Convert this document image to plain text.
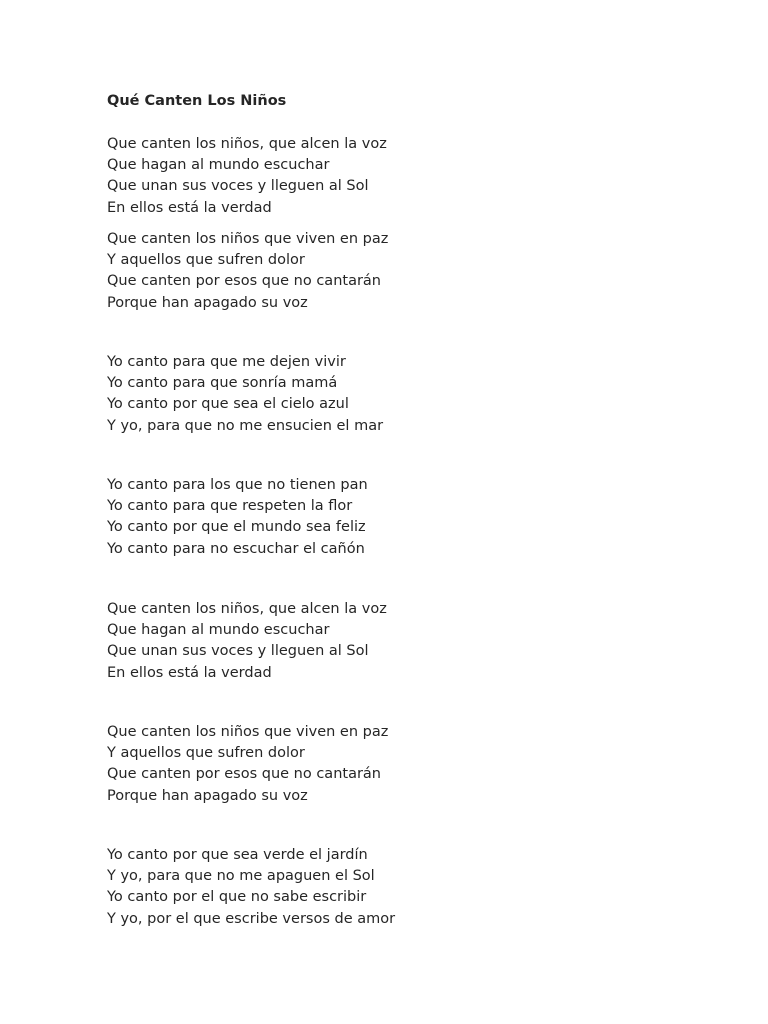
Qué Canten Los Niños
Que canten los niños, que alcen la voz
Que hagan al mundo escuchar
Que unan sus voces y lleguen al Sol
En ellos está la verdad
Que canten los niños que viven en paz
Y aquellos que sufren dolor
Que canten por esos que no cantarán
Porque han apagado su voz
Yo canto para que me dejen vivir
Yo canto para que sonría mamá
Yo canto por que sea el cielo azul
Y yo, para que no me ensucien el mar
Yo canto para los que no tienen pan
Yo canto para que respeten la flor
Yo canto por que el mundo sea feliz
Yo canto para no escuchar el cañón
Que canten los niños, que alcen la voz
Que hagan al mundo escuchar
Que unan sus voces y lleguen al Sol
En ellos está la verdad
Que canten los niños que viven en paz
Y aquellos que sufren dolor
Que canten por esos que no cantarán
Porque han apagado su voz
Yo canto por que sea verde el jardín
Y yo, para que no me apaguen el Sol
Yo canto por el que no sabe escribir
Y yo, por el que escribe versos de amor
